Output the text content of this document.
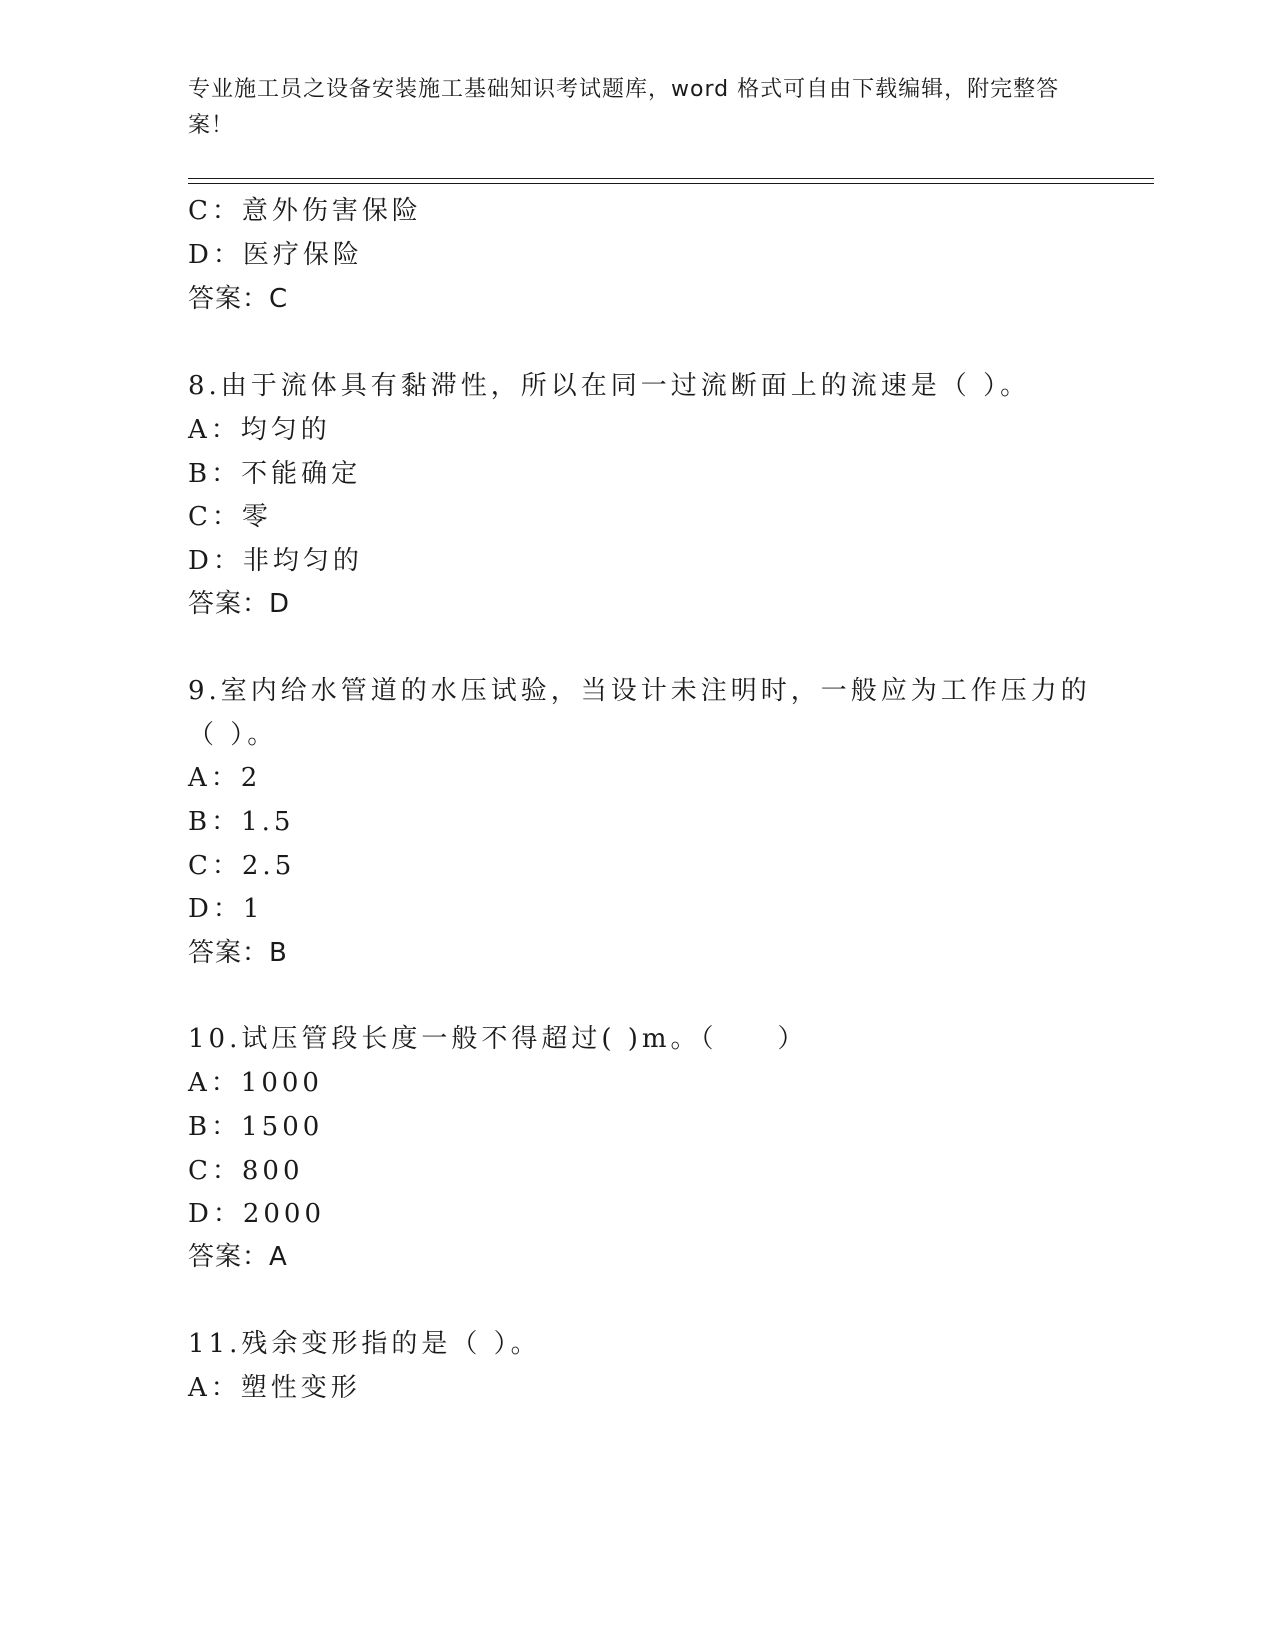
专业施工员之设备安装施工基础知识考试题库，word 格式可自由下载编辑，附完整答案！
C：意外伤害保险
D：医疗保险
答案：C
8.由于流体具有黏滞性，所以在同一过流断面上的流速是（ ）。
A：均匀的
B：不能确定
C：零
D：非均匀的
答案：D
9.室内给水管道的水压试验，当设计未注明时，一般应为工作压力的
（ ）。
A：2
B：1.5
C：2.5
D：1
答案：B
10.试压管段长度一般不得超过( )m。（　　）
A：1000
B：1500
C：800
D：2000
答案：A
11.残余变形指的是（ ）。
A：塑性变形
